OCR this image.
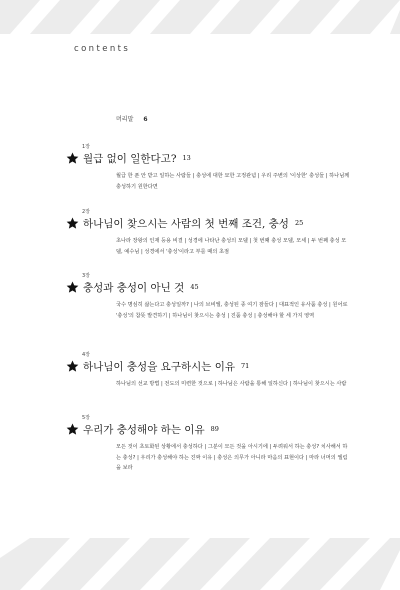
contents
머리말 6
1장
월급 없이 일한다고? 13
월급 한 푼 안 받고 일하는 사람들 | 충성에 대한 묘한 고정관념 | 우리 주변의 '이상한' 충성들 | 하나님께 충성하기 원한다면
2장
하나님이 찾으시는 사람의 첫 번째 조건, 충성 25
초나라 장왕의 인재 등용 비결 | 성경에 나타난 충성의 모델 | 첫 번째 충성 모델, 모세 | 두 번째 충성 모델, 예수님 | 성경에서 '충성'이라고 부를 때의 초점
3장
충성과 충성이 아닌 것 45
국수 명심히 삶는다고 충성일까? | 나의 브비엘, 충성된 종 여기 잠들다 | 대표적인 유사품 충성 | 원어로 '충성'의 참뜻 발견하기 | 하나님이 찾으시는 충성 | 진품 충성 | 충성해야 할 세 가지 영역
4장
하나님이 충성을 요구하시는 이유 71
하나님의 선교 방법 | 전도의 미련한 것으로 | 하나님은 사람을 통해 일하신다 | 하나님이 찾으시는 사람
5장
우리가 충성해야 하는 이유 89
모든 것이 초토화된 상황에서 충성하다 | 그분이 모든 것을 아시기에 | 두려워서 하는 충성? 치사해서 하는 충성? | 우리가 충성해야 하는 진짜 이유 | 충성은 의무가 아니라 마음의 표현이다 | 마라 너머의 엘림을 보라
